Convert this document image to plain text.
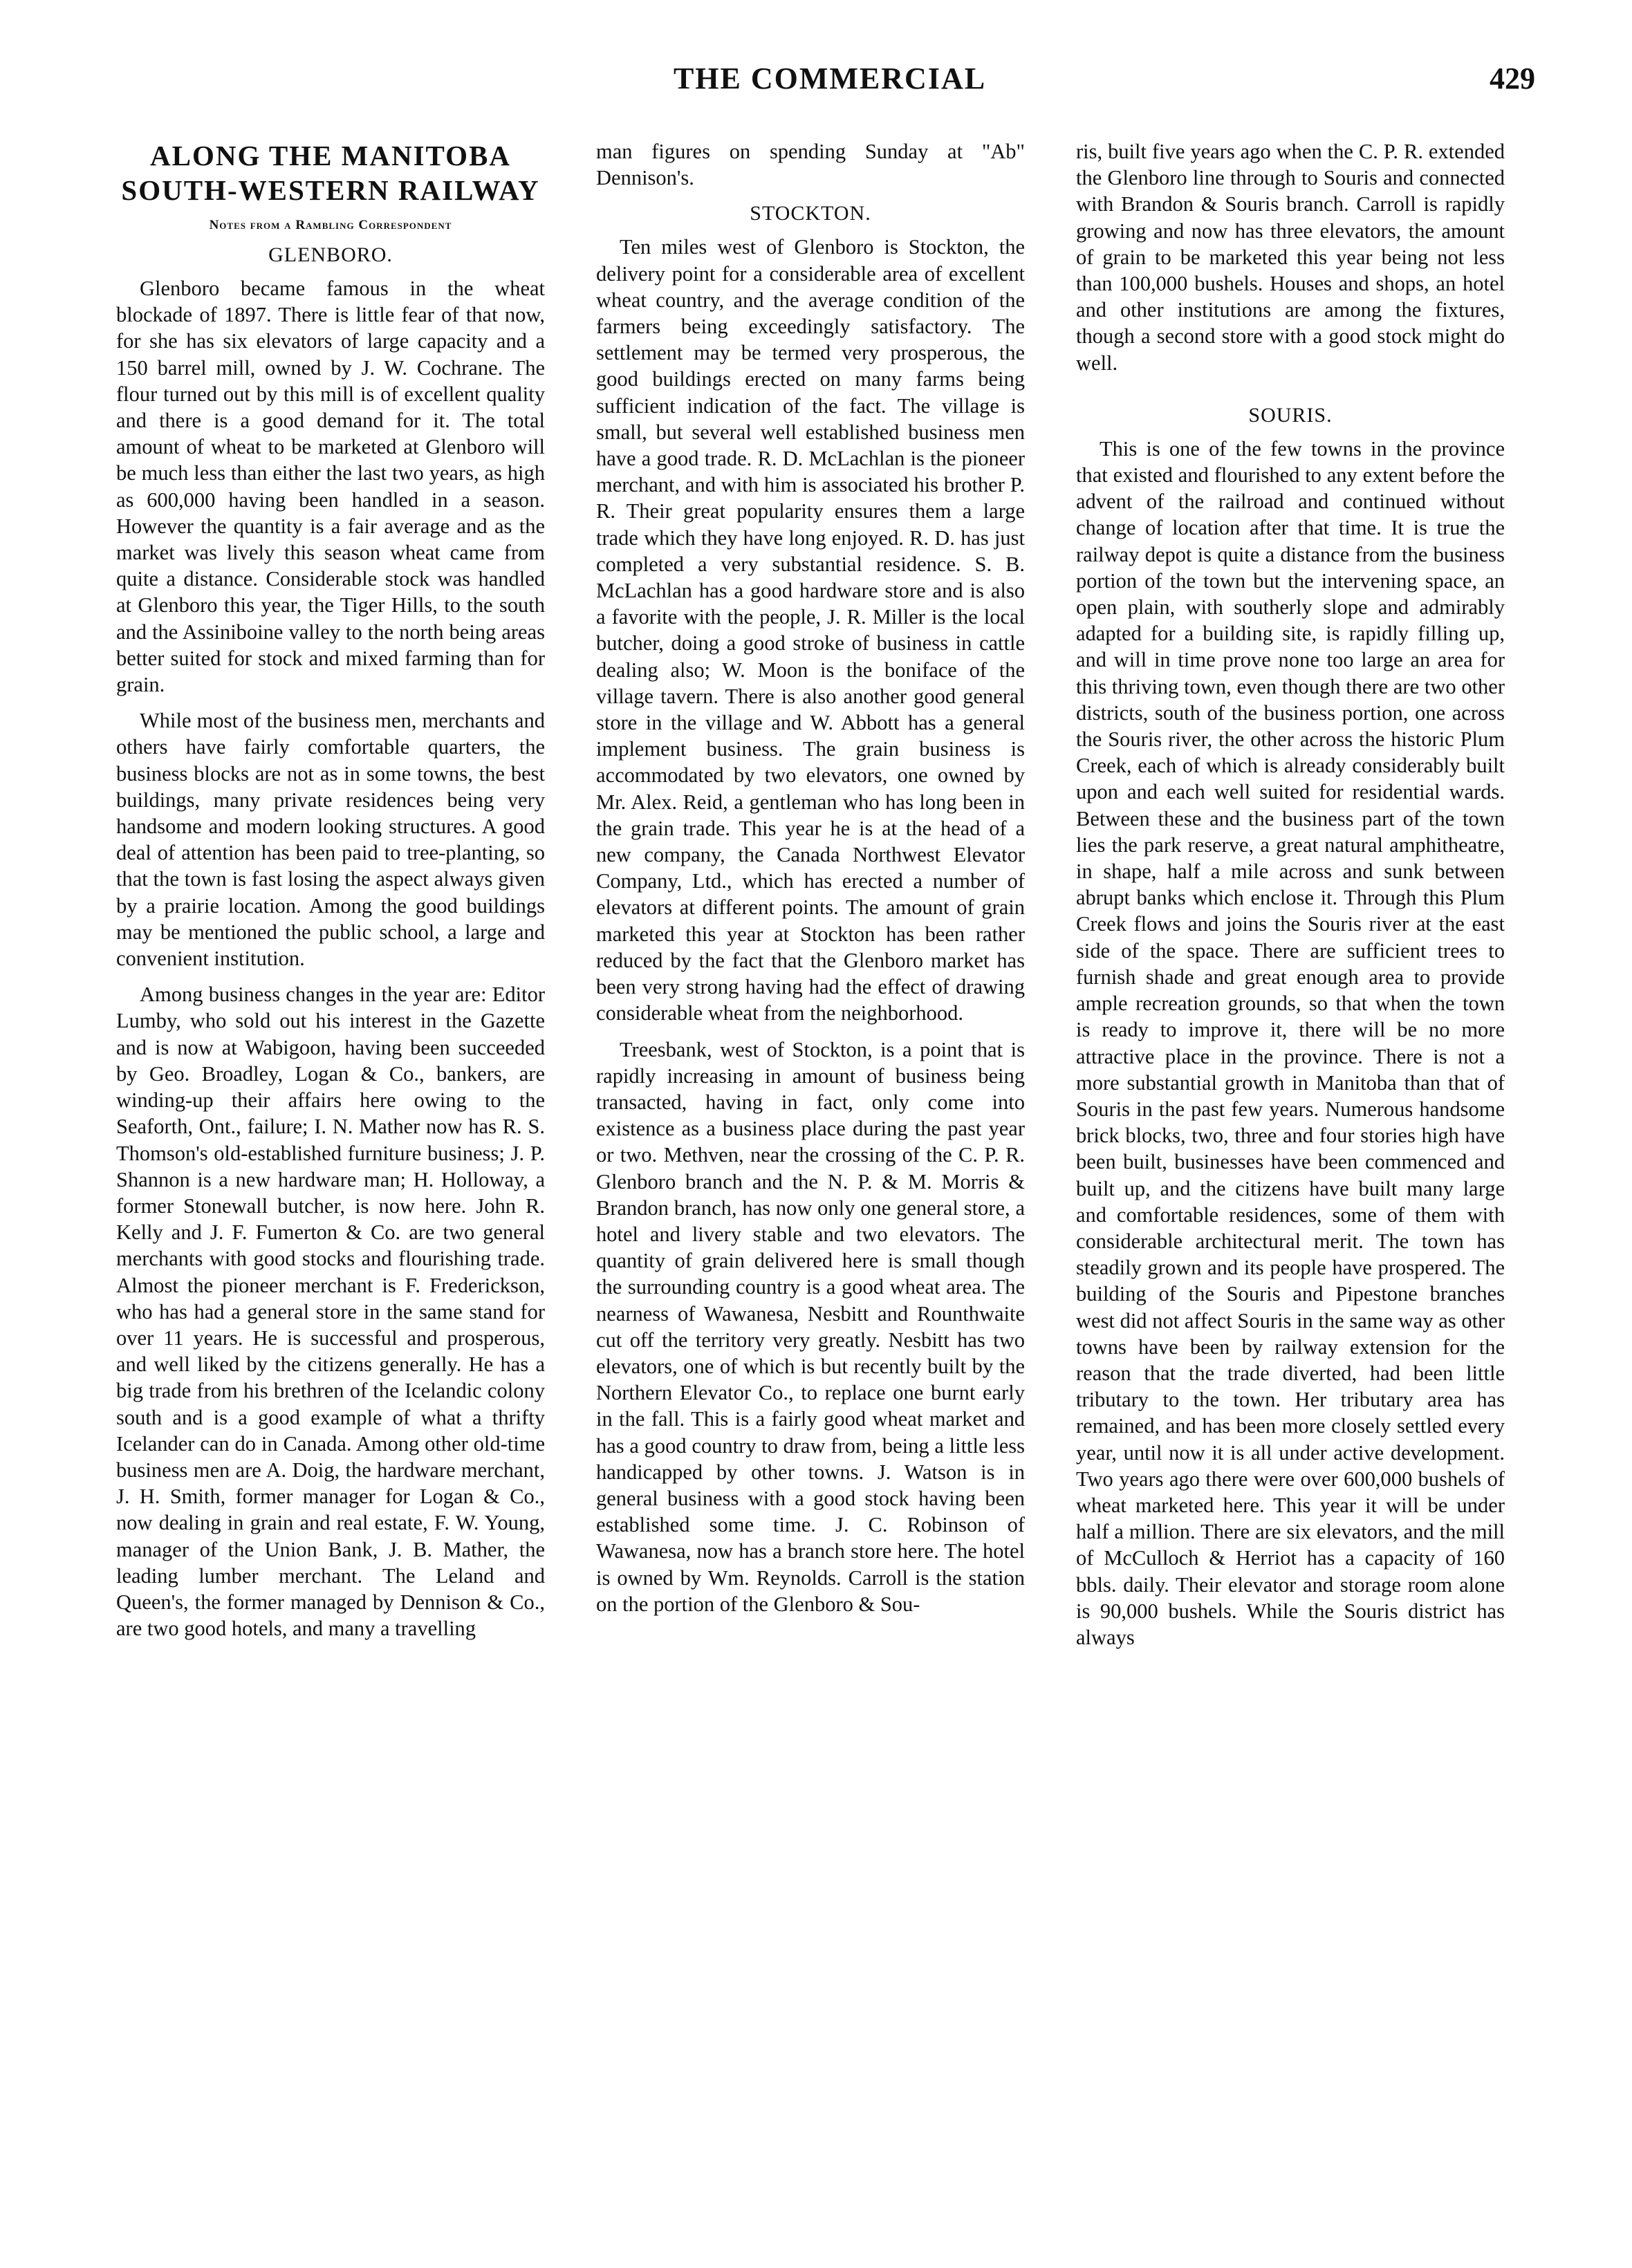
THE COMMERCIAL	429
ALONG THE MANITOBA SOUTH-WESTERN RAILWAY
Notes from a Rambling Correspondent
GLENBORO.

Glenboro became famous in the wheat blockade of 1897. There is little fear of that now, for she has six elevators of large capacity and a 150 barrel mill, owned by J. W. Cochrane. The flour turned out by this mill is of excellent quality and there is a good demand for it. The total amount of wheat to be marketed at Glenboro will be much less than either the last two years, as high as 600,000 having been handled in a season. However the quantity is a fair average and as the market was lively this season wheat came from quite a distance. Considerable stock was handled at Glenboro this year, the Tiger Hills, to the south and the Assiniboine valley to the north being areas better suited for stock and mixed farming than for grain.

While most of the business men, merchants and others have fairly comfortable quarters, the business blocks are not as in some towns, the best buildings, many private residences being very handsome and modern looking structures. A good deal of attention has been paid to tree-planting, so that the town is fast losing the aspect always given by a prairie location. Among the good buildings may be mentioned the public school, a large and convenient institution.

Among business changes in the year are: Editor Lumby, who sold out his interest in the Gazette and is now at Wabigoon, having been succeeded by Geo. Broadley, Logan & Co., bankers, are winding-up their affairs here owing to the Seaforth, Ont., failure; I. N. Mather now has R. S. Thomson's old-established furniture business; J. P. Shannon is a new hardware man; H. Holloway, a former Stonewall butcher, is now here. John R. Kelly and J. F. Fumerton & Co. are two general merchants with good stocks and flourishing trade. Almost the pioneer merchant is F. Frederickson, who has had a general store in the same stand for over 11 years. He is successful and prosperous, and well liked by the citizens generally. He has a big trade from his brethren of the Icelandic colony south and is a good example of what a thrifty Icelander can do in Canada. Among other old-time business men are A. Doig, the hardware merchant, J. H. Smith, former manager for Logan & Co., now dealing in grain and real estate, F. W. Young, manager of the Union Bank, J. B. Mather, the leading lumber merchant. The Leland and Queen's, the former managed by Dennison & Co., are two good hotels, and many a travelling

man figures on spending Sunday at "Ab" Dennison's.

STOCKTON.

Ten miles west of Glenboro is Stockton, the delivery point for a considerable area of excellent wheat country, and the average condition of the farmers being exceedingly satisfactory. The settlement may be termed very prosperous, the good buildings erected on many farms being sufficient indication of the fact. The village is small, but several well established business men have a good trade. R. D. McLachlan is the pioneer merchant, and with him is associated his brother P. R. Their great popularity ensures them a large trade which they have long enjoyed. R. D. has just completed a very substantial residence. S. B. McLachlan has a good hardware store and is also a favorite with the people, J. R. Miller is the local butcher, doing a good stroke of business in cattle dealing also; W. Moon is the boniface of the village tavern. There is also another good general store in the village and W. Abbott has a general implement business. The grain business is accommodated by two elevators, one owned by Mr. Alex. Reid, a gentleman who has long been in the grain trade. This year he is at the head of a new company, the Canada Northwest Elevator Company, Ltd., which has erected a number of elevators at different points. The amount of grain marketed this year at Stockton has been rather reduced by the fact that the Glenboro market has been very strong having had the effect of drawing considerable wheat from the neighborhood.

Treesbank, west of Stockton, is a point that is rapidly increasing in amount of business being transacted, having in fact, only come into existence as a business place during the past year or two. Methven, near the crossing of the C. P. R. Glenboro branch and the N. P. & M. Morris & Brandon branch, has now only one general store, a hotel and livery stable and two elevators. The quantity of grain delivered here is small though the surrounding country is a good wheat area. The nearness of Wawanesa, Nesbitt and Rounthwaite cut off the territory very greatly. Nesbitt has two elevators, one of which is but recently built by the Northern Elevator Co., to replace one burnt early in the fall. This is a fairly good wheat market and has a good country to draw from, being a little less handicapped by other towns. J. Watson is in general business with a good stock having been established some time. J. C. Robinson of Wawanesa, now has a branch store here. The hotel is owned by Wm. Reynolds. Carroll is the station on the portion of the Glenboro & Sou-

ris, built five years ago when the C. P. R. extended the Glenboro line through to Souris and connected with Brandon & Souris branch. Carroll is rapidly growing and now has three elevators, the amount of grain to be marketed this year being not less than 100,000 bushels. Houses and shops, an hotel and other institutions are among the fixtures, though a second store with a good stock might do well.

SOURIS.

This is one of the few towns in the province that existed and flourished to any extent before the advent of the railroad and continued without change of location after that time. It is true the railway depot is quite a distance from the business portion of the town but the intervening space, an open plain, with southerly slope and admirably adapted for a building site, is rapidly filling up, and will in time prove none too large an area for this thriving town, even though there are two other districts, south of the business portion, one across the Souris river, the other across the historic Plum Creek, each of which is already considerably built upon and each well suited for residential wards. Between these and the business part of the town lies the park reserve, a great natural amphitheatre, in shape, half a mile across and sunk between abrupt banks which enclose it. Through this Plum Creek flows and joins the Souris river at the east side of the space. There are sufficient trees to furnish shade and great enough area to provide ample recreation grounds, so that when the town is ready to improve it, there will be no more attractive place in the province. There is not a more substantial growth in Manitoba than that of Souris in the past few years. Numerous handsome brick blocks, two, three and four stories high have been built, businesses have been commenced and built up, and the citizens have built many large and comfortable residences, some of them with considerable architectural merit. The town has steadily grown and its people have prospered. The building of the Souris and Pipestone branches west did not affect Souris in the same way as other towns have been by railway extension for the reason that the trade diverted, had been little tributary to the town. Her tributary area has remained, and has been more closely settled every year, until now it is all under active development. Two years ago there were over 600,000 bushels of wheat marketed here. This year it will be under half a million. There are six elevators, and the mill of McCulloch & Herriot has a capacity of 160 bbls. daily. Their elevator and storage room alone is 90,000 bushels. While the Souris district has always
